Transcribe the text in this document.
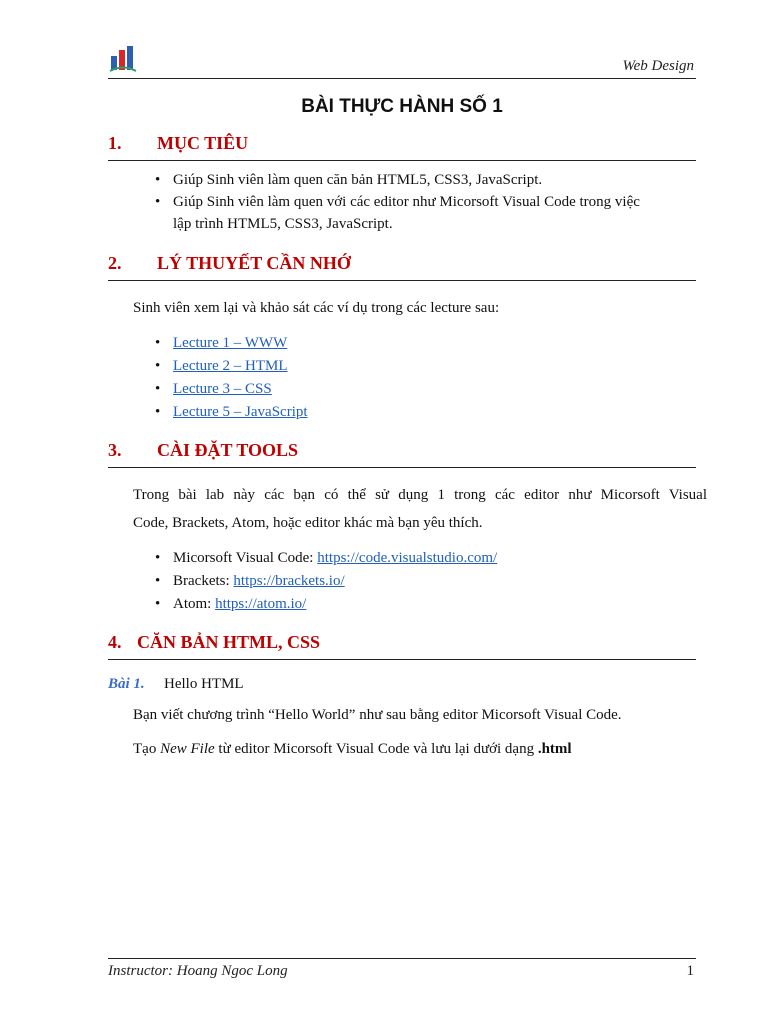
Web Design
BÀI THỰC HÀNH SỐ 1
1. MỤC TIÊU
• Giúp Sinh viên làm quen căn bản HTML5, CSS3, JavaScript.
• Giúp Sinh viên làm quen với các editor như Micorsoft Visual Code trong việc
lập trình HTML5, CSS3, JavaScript.
2. LÝ THUYẾT CẦN NHỚ
Sinh viên xem lại và khảo sát các ví dụ trong các lecture sau:
• Lecture 1 – WWW
• Lecture 2 – HTML
• Lecture 3 – CSS
• Lecture 5 – JavaScript
3. CÀI ĐẶT TOOLS
Trong bài lab này các bạn có thể sử dụng 1 trong các editor như Micorsoft Visual
Code, Brackets, Atom, hoặc editor khác mà bạn yêu thích.
• Micorsoft Visual Code: https://code.visualstudio.com/
• Brackets: https://brackets.io/
• Atom: https://atom.io/
4. CĂN BẢN HTML, CSS
Bài 1. Hello HTML
Bạn viết chương trình “Hello World” như sau bằng editor Micorsoft Visual Code.
Tạo New File từ editor Micorsoft Visual Code và lưu lại dưới dạng .html
Instructor: Hoang Ngoc Long	1
